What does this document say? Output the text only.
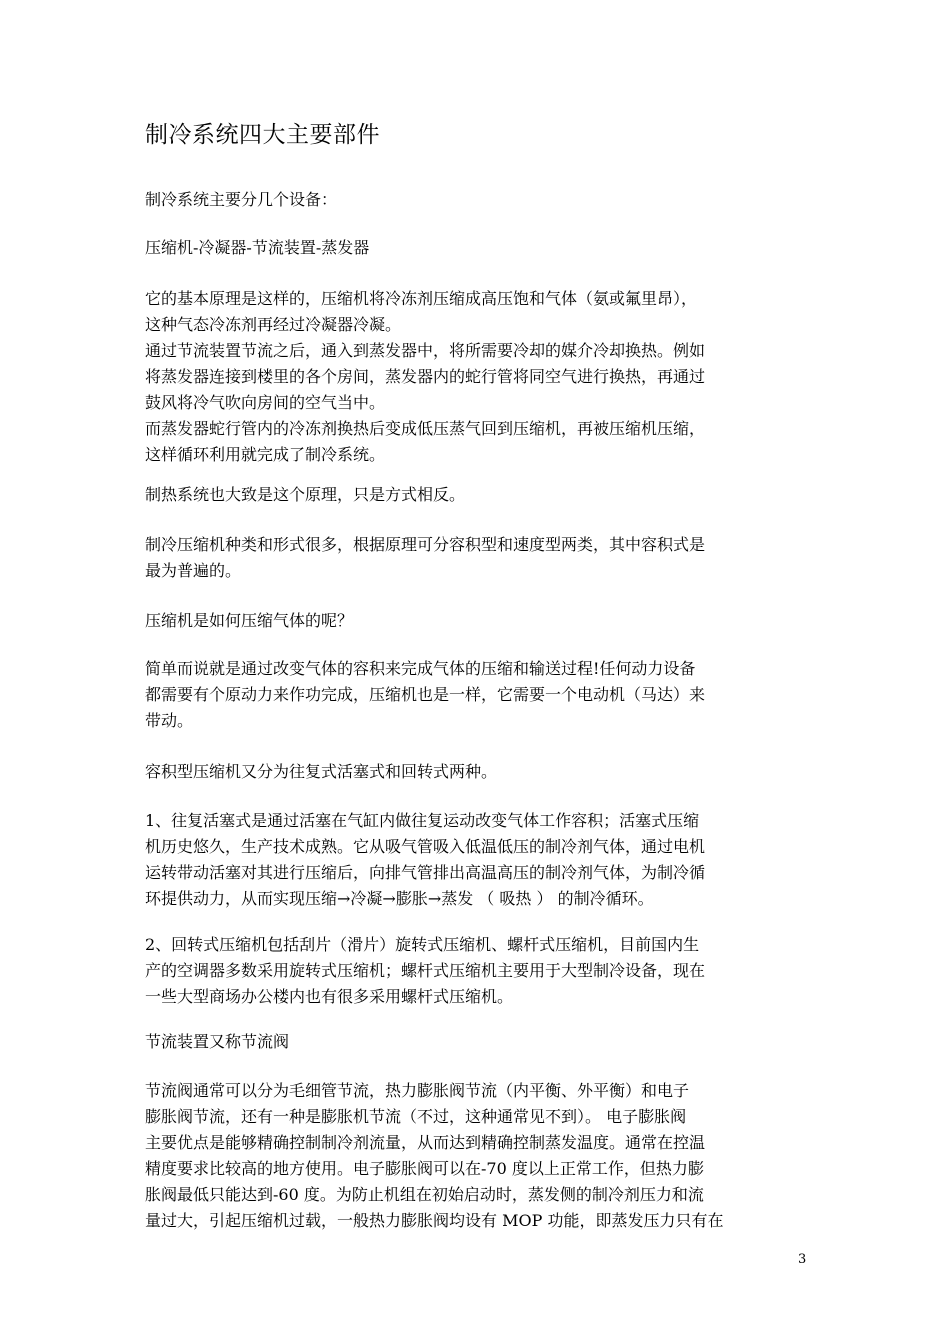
制冷系统四大主要部件
制冷系统主要分几个设备：
压缩机-冷凝器-节流装置-蒸发器
它的基本原理是这样的，压缩机将冷冻剂压缩成高压饱和气体（氨或氟里昂），
这种气态冷冻剂再经过冷凝器冷凝。
通过节流装置节流之后，通入到蒸发器中，将所需要冷却的媒介冷却换热。例如
将蒸发器连接到楼里的各个房间，蒸发器内的蛇行管将同空气进行换热，再通过
鼓风将冷气吹向房间的空气当中。
而蒸发器蛇行管内的冷冻剂换热后变成低压蒸气回到压缩机，再被压缩机压缩，
这样循环利用就完成了制冷系统。
制热系统也大致是这个原理，只是方式相反。
制冷压缩机种类和形式很多，根据原理可分容积型和速度型两类，其中容积式是
最为普遍的。
压缩机是如何压缩气体的呢？
简单而说就是通过改变气体的容积来完成气体的压缩和输送过程!任何动力设备
都需要有个原动力来作功完成，压缩机也是一样，它需要一个电动机（马达）来
带动。
容积型压缩机又分为往复式活塞式和回转式两种。
1、往复活塞式是通过活塞在气缸内做往复运动改变气体工作容积；活塞式压缩
机历史悠久，生产技术成熟。它从吸气管吸入低温低压的制冷剂气体，通过电机
运转带动活塞对其进行压缩后，向排气管排出高温高压的制冷剂气体，为制冷循
环提供动力，从而实现压缩→冷凝→膨胀→蒸发 （ 吸热 ） 的制冷循环。
2、回转式压缩机包括刮片（滑片）旋转式压缩机、螺杆式压缩机，目前国内生
产的空调器多数采用旋转式压缩机；螺杆式压缩机主要用于大型制冷设备，现在
一些大型商场办公楼内也有很多采用螺杆式压缩机。
节流装置又称节流阀
节流阀通常可以分为毛细管节流，热力膨胀阀节流（内平衡、外平衡）和电子
膨胀阀节流，还有一种是膨胀机节流（不过，这种通常见不到）。 电子膨胀阀
主要优点是能够精确控制制冷剂流量，从而达到精确控制蒸发温度。通常在控温
精度要求比较高的地方使用。电子膨胀阀可以在-70 度以上正常工作，但热力膨
胀阀最低只能达到-60 度。为防止机组在初始启动时，蒸发侧的制冷剂压力和流
量过大，引起压缩机过载，一般热力膨胀阀均设有 MOP 功能，即蒸发压力只有在
3
